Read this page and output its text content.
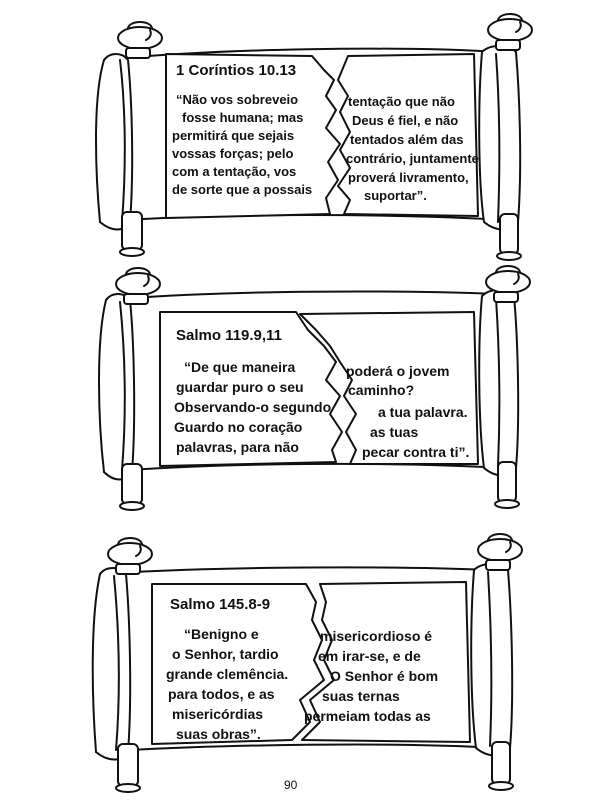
1 Coríntios 10.13

“Não vos sobreveio

fosse humana; mas

permitirá que sejais

vossas forças; pelo

com a tentação, vos

de sorte que a possais

tentação que não

Deus é fiel, e não

tentados além das

contrário, juntamente

proverá livramento,

suportar”.

Salmo 119.9,11

“De que maneira

guardar puro o seu

Observando-o segundo

Guardo no coração

palavras, para não

poderá o jovem

caminho?

a tua palavra.

as tuas

pecar contra ti”.

Salmo 145.8-9

“Benigno e

o Senhor, tardio

grande clemência.

para todos, e as

misericórdias

suas obras”.

misericordioso é

em irar-se, e de

O Senhor é bom

suas ternas

permeiam todas as

90
